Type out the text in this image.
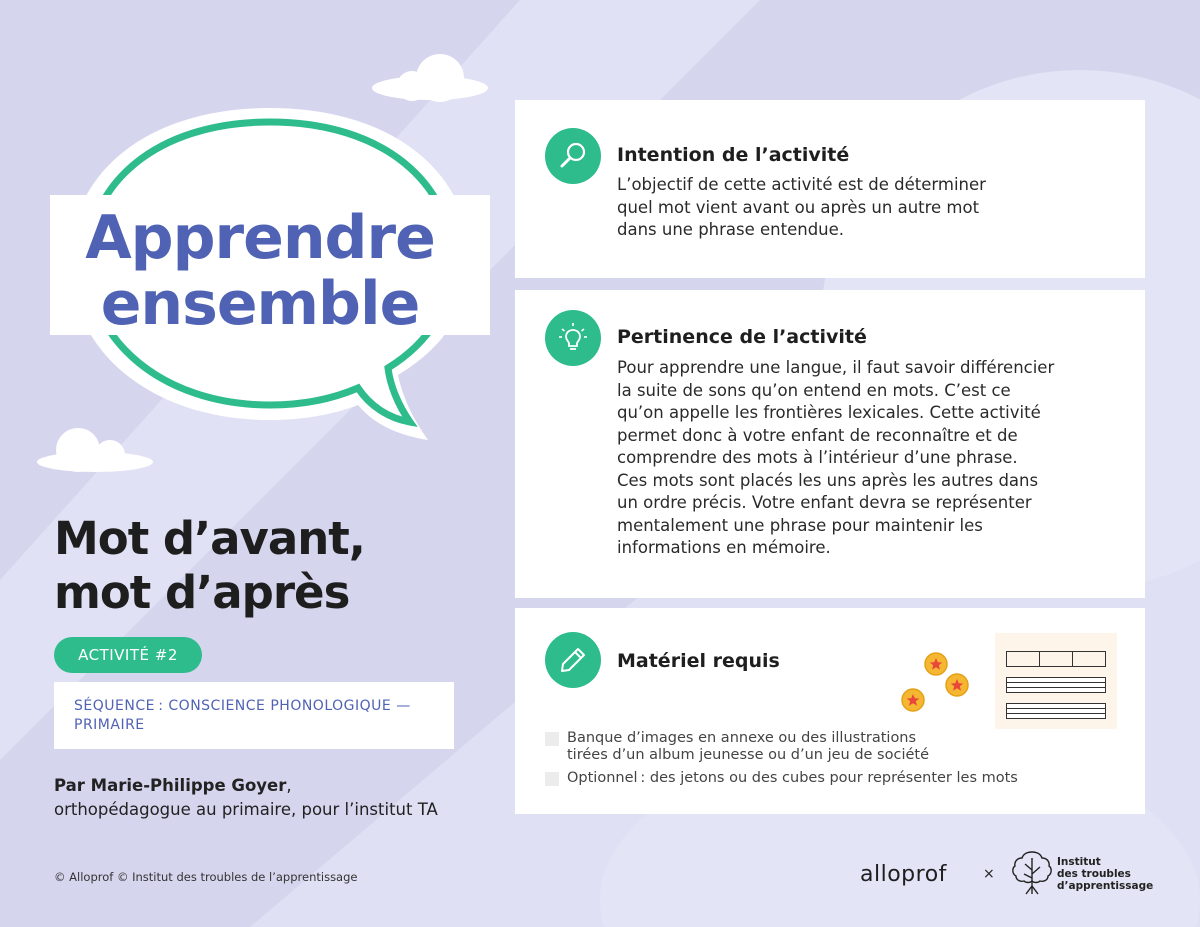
Apprendre
ensemble
Mot d’avant,
mot d’après
ACTIVITÉ #2
SÉQUENCE : CONSCIENCE PHONOLOGIQUE —
PRIMAIRE
Par Marie-Philippe Goyer,
orthopédagogue au primaire, pour l’institut TA
© Alloprof © Institut des troubles de l’apprentissage
Intention de l’activité
L’objectif de cette activité est de déterminer
quel mot vient avant ou après un autre mot
dans une phrase entendue.
Pertinence de l’activité
Pour apprendre une langue, il faut savoir différencier
la suite de sons qu’on entend en mots. C’est ce
qu’on appelle les frontières lexicales. Cette activité
permet donc à votre enfant de reconnaître et de
comprendre des mots à l’intérieur d’une phrase.
Ces mots sont placés les uns après les autres dans
un ordre précis. Votre enfant devra se représenter
mentalement une phrase pour maintenir les
informations en mémoire.
Matériel requis
Banque d’images en annexe ou des illustrations
tirées d’un album jeunesse ou d’un jeu de société
Optionnel : des jetons ou des cubes pour représenter les mots
alloprof	×
Institut
des troubles
d’apprentissage
